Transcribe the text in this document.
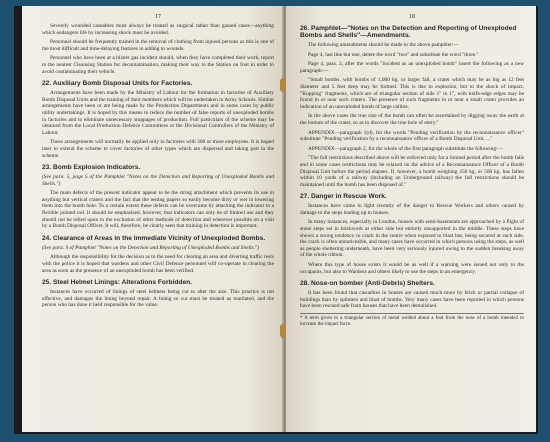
17

Severely wounded casualties must always be treated as surgical rather than gassed cases—anything which endangers life by increasing shock must be avoided.

Personnel should be frequently trained in the removal of clothing from injured persons as this is one of the most difficult and time-delaying features in adding to wounds.

Personnel who have been at a blister gas incident should, when they have completed their work, report to the nearest Cleansing Station for decontamination, making their way to the Station on foot in order to avoid contaminating their vehicle.

22. Auxiliary Bomb Disposal Units for Factories.

Arrangements have been made by the Ministry of Labour for the formation in factories of Auxiliary Bomb Disposal Units and the training of their members which will be undertaken in Army Schools. Similar arrangements have been or are being made by the Production Departments and in some cases by public utility undertakings. It is hoped by this means to reduce the number of false reports of unexploded bombs in factories and to eliminate unnecessary stoppages of production. Full particulars of the scheme may be obtained from the Local Production Defence Committees or the Divisional Controllers of the Ministry of Labour.

These arrangements will normally be applied only to factories with 300 or more employees. It is hoped later to extend the scheme to cover factories of other types which are dispersed and taking part in the scheme.

23. Bomb Explosion Indicators.

(See para. 5, page 5 of the Pamphlet "Notes on the Detection and Reporting of Unexploded Bombs and Shells.")

The main defects of the present indicator appear to be the string attachment which prevents its use in anything but vertical craters and the fact that the testing papers so easily become dirty or wet in lowering them into the bomb hole. To a certain extent these defects can be overcome by attaching the indicator to a flexible jointed rod. It should be emphasised, however, that indicators can only be of limited use and they should not be relied upon to the exclusion of other methods of detection and wherever possible on a visit by a Bomb Disposal Officer. It will, therefore, be clearly seen that training in detection is important.

24. Clearance of Areas in the Immediate Vicinity of Unexploded Bombs.

(See para. 9 of Pamphlet "Notes on the Detection and Reporting of Unexploded Bombs and Shells.")

Although the responsibility for the decision as to the need for clearing an area and diverting traffic rests with the police it is hoped that wardens and other Civil Defence personnel will co-operate in clearing the area as soon as the presence of an unexploded bomb has been verified.

25. Steel Helmet Linings: Alterations Forbidden.

Instances have occurred of linings of steel helmets being cut to alter the size. This practice is not effective, and damages the lining beyond repair. A lining so cut must be treated as mutilated, and the person who has done it held responsible for the value.

18
26. Pamphlet—"Notes on the Detection and Reporting of Unexploded Bombs and Shells"—Amendments.

The following amendments should be made to the above pamphlet:—

Page 4, last line but one, delete the word "two" and substitute the word "three."

Page 4, para. 2, after the words "incident as an unexploded bomb" insert the following as a new paragraph:—

"Small bombs, with bombs of 1,000 kg. or larger fall, a crater which may be as big as 12 feet diameter and 5 feet deep may be formed. This is due to explosion, but to the shock of impact. "Kopping" fragments, which are of triangular section of side 1" to 1", with knife-edge edges may be found in or near such craters. The presence of such fragments in or near a small crater provides an indication of an unexploded bomb of large calibre.

In the above cases the true size of the bomb can often be ascertained by digging away the earth at the bottom of the crater, so as to discover the true hole of entry."

APPENDIX—paragraph 1(d), for the words "Pending verification by the reconnaissance officer" substitute "Pending verification by a reconnaissance officer of a Bomb Disposal Unit, ..."

APPENDIX—paragraph 2, for the whole of the first paragraph substitute the following:—

"The full restrictions described above will be enforced only for a limited period after the bomb falls and in some cases restrictions may be relaxed on the advice of a Reconnaissance Officer of a Bomb Disposal Unit before the period elapses. If, however, a bomb weighing 250 kg. or 500 kg. has fallen within 10 yards of a railway (including an Underground railway) the full restrictions should be maintained until the bomb has been disposed of."

27. Danger in Rescue Work.

Instances have come to light recently of the danger to Rescue Workers and others caused by damage to the steps leading up to houses.

In many instances, especially in London, houses with semi-basements are approached by a flight of stone steps set in brickwork at either side but entirely unsupported in the middle. These steps have shown a strong tendency to crack in the centre when exposed to blast but, being secured at each side, the crack is often unnoticeable, and many cases have occurred in which persons using the steps, as well as people sheltering underneath, have been very seriously injured owing to the sudden breaking away of the whole ribbon.

Where this type of house exists it would be as well if a warning were issued not only to the occupants, but also to Wardens and others likely to use the steps in an emergency.

28. Nose-on bomber (Anti-Debris) Shelters.

It has been found that casualties in houses are caused much more by brick or partial collapse of buildings than by splinters and blast of bombs. Very many cases have been reported in which persons have been rescued safe from houses that have been demolished.

* A term given to a triangular section of metal welded about a foot from the nose of a bomb intended to increase the impact force.
